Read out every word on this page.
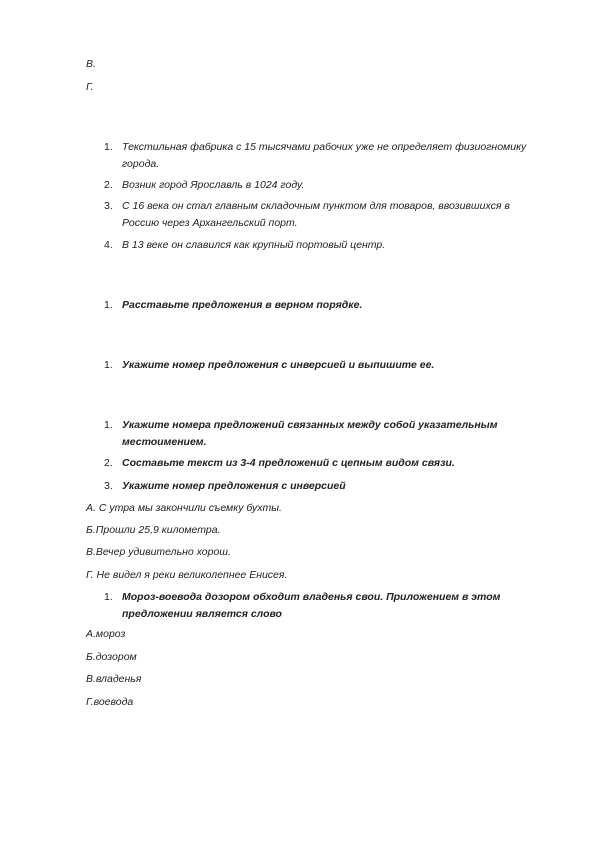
В.
Г.
1. Текстильная фабрика с 15 тысячами рабочих уже не определяет физиогномику города.
2. Возник город Ярославль в 1024 году.
3. С 16 века он стал главным складочным пунктом для товаров, ввозившихся в Россию через Архангельский порт.
4. В 13 веке он славился как крупный портовый центр.
1. Расставьте предложения в верном порядке.
1. Укажите номер предложения с инверсией и выпишите ее.
1. Укажите номера предложений связанных между собой указательным местоимением.
2. Составьте текст из 3-4 предложений с цепным видом связи.
3. Укажите номер предложения с инверсией
А. С утра мы закончили съемку бухты.
Б.Прошли 25,9 километра.
В.Вечер удивительно хорош.
Г. Не видел я реки великолепнее Енисея.
1. Мороз-воевода дозором обходит владенья свои. Приложением в этом предложении является слово
А.мороз
Б.дозором
В.владенья
Г.воевода
